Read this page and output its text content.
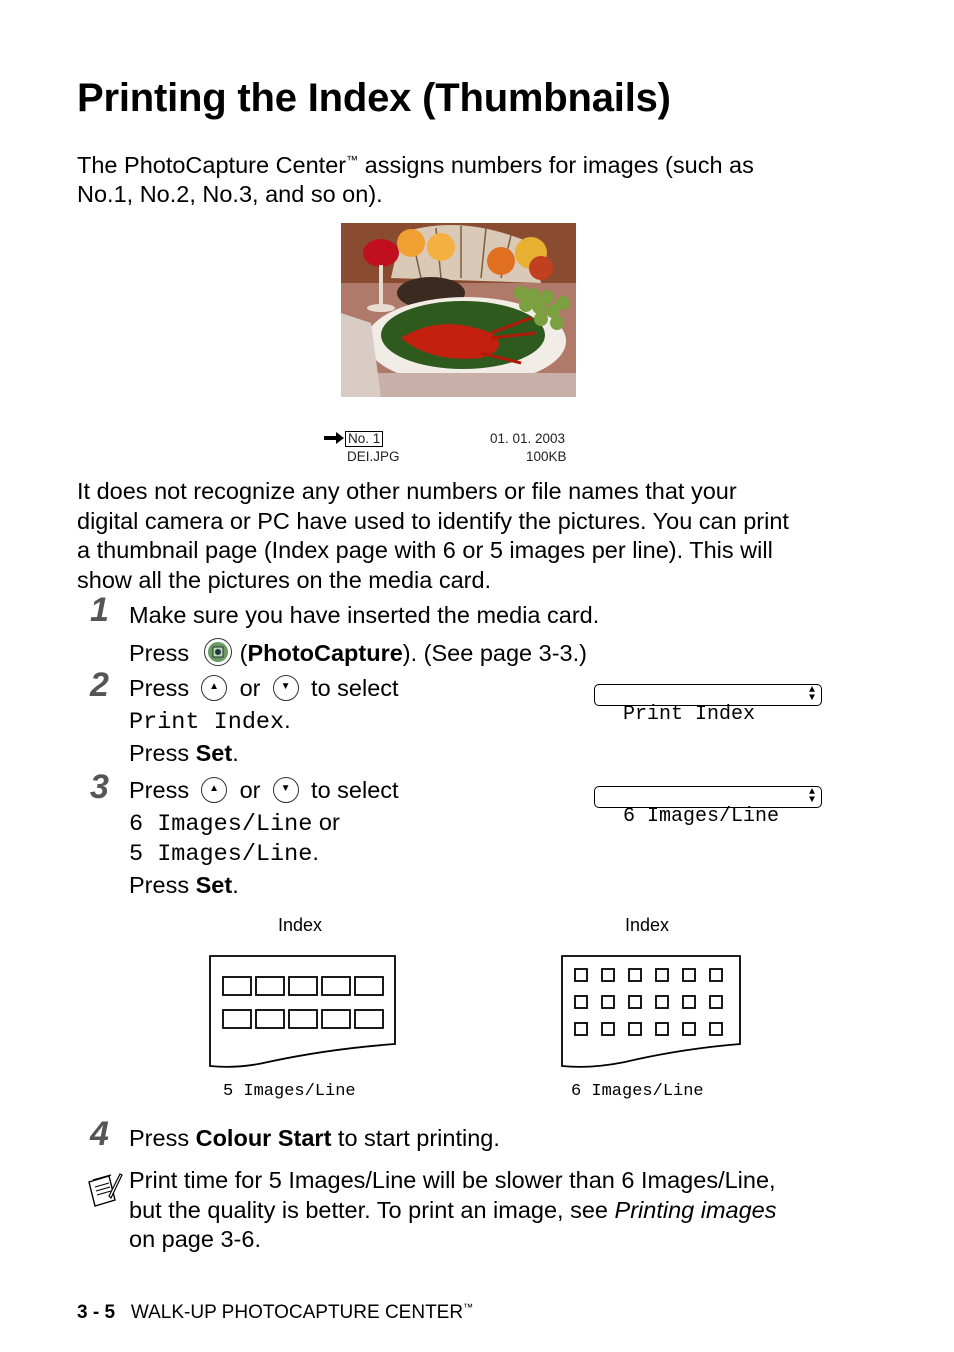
Printing the Index (Thumbnails)
The PhotoCapture Center™ assigns numbers for images (such as
No.1, No.2, No.3, and so on).
No. 1
DEI.JPG
01. 01. 2003
100KB
It does not recognize any other numbers or file names that your
digital camera or PC have used to identify the pictures. You can print
a thumbnail page (Index page with 6 or 5 images per line). This will
show all the pictures on the media card.
1 Make sure you have inserted the media card.
Press (PhotoCapture). (See page 3-3.)
2 Press	▲ or	▼ to select
Print Index.
Press Set.

Print Index

▲
▼

3 Press	▲ or	▼ to select
6 Images/Line or
5 Images/Line.
Press Set.

6 Images/Line

▲
▼

Index
5 Images/Line
Index
6 Images/Line
4 Press Colour Start to start printing.
Print time for 5 Images/Line will be slower than 6 Images/Line,
but the quality is better. To print an image, see Printing images
on page 3-6.
3 - 5 WALK-UP PHOTOCAPTURE CENTER™
